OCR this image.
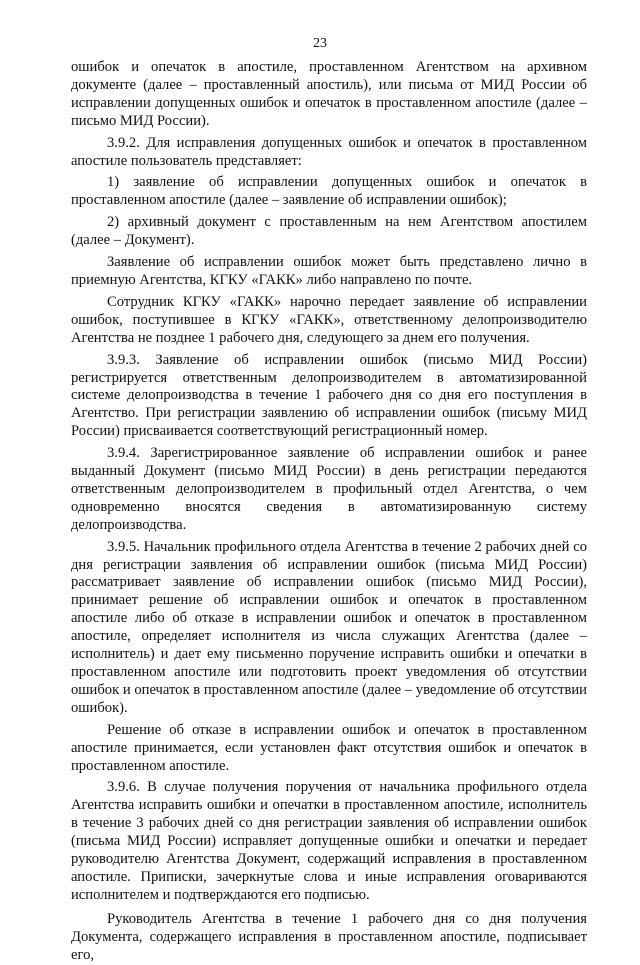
23

ошибок и опечаток в апостиле, проставленном Агентством на архивном документе (далее – проставленный апостиль), или письма от МИД России об исправлении допущенных ошибок и опечаток в проставленном апостиле (далее – письмо МИД России).

3.9.2. Для исправления допущенных ошибок и опечаток в проставленном апостиле пользователь представляет:

1) заявление об исправлении допущенных ошибок и опечаток в проставленном апостиле (далее – заявление об исправлении ошибок);

2) архивный документ с проставленным на нем Агентством апостилем (далее – Документ).

Заявление об исправлении ошибок может быть представлено лично в приемную Агентства, КГКУ «ГАКК» либо направлено по почте.

Сотрудник КГКУ «ГАКК» нарочно передает заявление об исправлении ошибок, поступившее в КГКУ «ГАКК», ответственному делопроизводителю Агентства не позднее 1 рабочего дня, следующего за днем его получения.

3.9.3. Заявление об исправлении ошибок (письмо МИД России) регистрируется ответственным делопроизводителем в автоматизированной системе делопроизводства в течение 1 рабочего дня со дня его поступления в Агентство. При регистрации заявлению об исправлении ошибок (письму МИД России) присваивается соответствующий регистрационный номер.

3.9.4. Зарегистрированное заявление об исправлении ошибок и ранее выданный Документ (письмо МИД России) в день регистрации передаются ответственным делопроизводителем в профильный отдел Агентства, о чем одновременно вносятся сведения в автоматизированную систему делопроизводства.

3.9.5. Начальник профильного отдела Агентства в течение 2 рабочих дней со дня регистрации заявления об исправлении ошибок (письма МИД России) рассматривает заявление об исправлении ошибок (письмо МИД России), принимает решение об исправлении ошибок и опечаток в проставленном апостиле либо об отказе в исправлении ошибок и опечаток в проставленном апостиле, определяет исполнителя из числа служащих Агентства (далее – исполнитель) и дает ему письменно поручение исправить ошибки и опечатки в проставленном апостиле или подготовить проект уведомления об отсутствии ошибок и опечаток в проставленном апостиле (далее – уведомление об отсутствии ошибок).

Решение об отказе в исправлении ошибок и опечаток в проставленном апостиле принимается, если установлен факт отсутствия ошибок и опечаток в проставленном апостиле.

3.9.6. В случае получения поручения от начальника профильного отдела Агентства исправить ошибки и опечатки в проставленном апостиле, исполнитель в течение 3 рабочих дней со дня регистрации заявления об исправлении ошибок (письма МИД России) исправляет допущенные ошибки и опечатки и передает руководителю Агентства Документ, содержащий исправления в проставленном апостиле. Приписки, зачеркнутые слова и иные исправления оговариваются исполнителем и подтверждаются его подписью.

Руководитель Агентства в течение 1 рабочего дня со дня получения Документа, содержащего исправления в проставленном апостиле, подписывает его,
